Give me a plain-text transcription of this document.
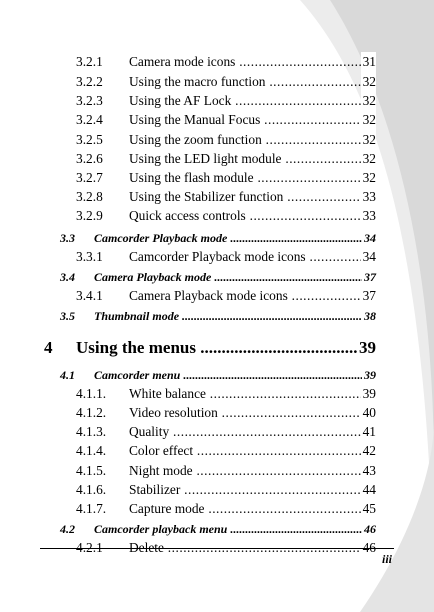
3.2.1 Camera mode icons .....	31
3.2.2 Using the macro function .....	32
3.2.3 Using the AF Lock .....	32
3.2.4 Using the Manual Focus .....	32
3.2.5 Using the zoom function .....	32
3.2.6 Using the LED light module .....	32
3.2.7 Using the flash module .....	32
3.2.8 Using the Stabilizer function .....	33
3.2.9 Quick access controls .....	33
3.3 Camcorder Playback mode .....	34
3.3.1 Camcorder Playback mode icons .....	34
3.4 Camera Playback mode .....	37
3.4.1 Camera Playback mode icons .....	37
3.5 Thumbnail mode .....	38
4 Using the menus .....	39
4.1 Camcorder menu .....	39
4.1.1. White balance .....	39
4.1.2. Video resolution .....	40
4.1.3. Quality .....	41
4.1.4. Color effect .....	42
4.1.5. Night mode .....	43
4.1.6. Stabilizer .....	44
4.1.7. Capture mode .....	45
4.2 Camcorder playback menu .....	46
4.2.1 Delete .....	46
iii
